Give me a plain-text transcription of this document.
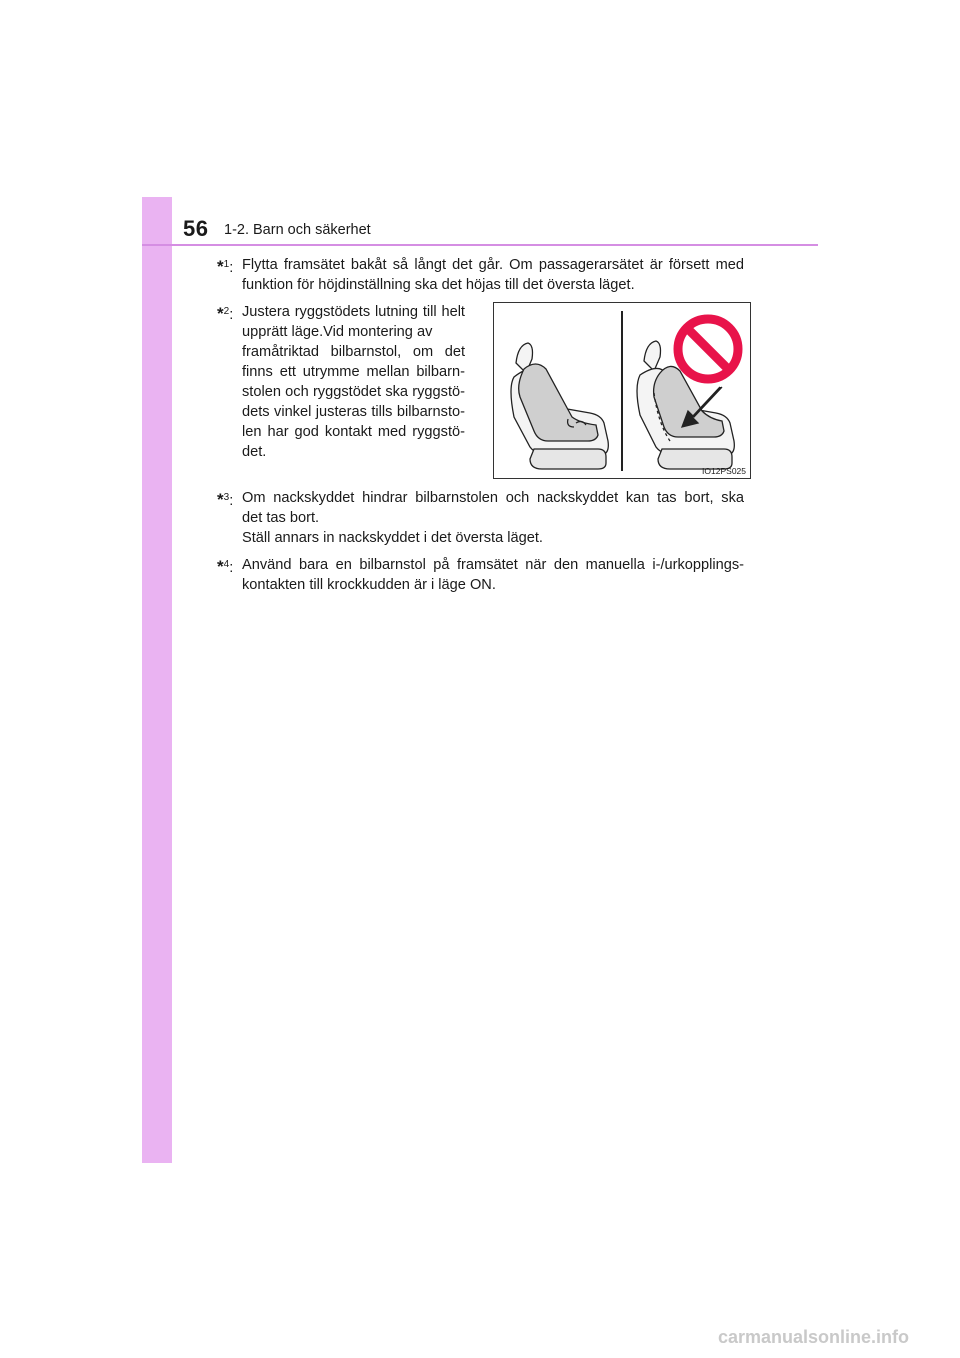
56 1-2. Barn och säkerhet
*$^1$: Flytta framsätet bakåt så långt det går. Om passagerarsätet är försett med
funktion för höjdinställning ska det höjas till det översta läget.
*$^2$: Justera ryggstödets lutning till helt
upprätt läge.Vid montering av
framåtriktad bilbarnstol, om det
finns ett utrymme mellan bilbarn-
stolen och ryggstödet ska ryggstö-
dets vinkel justeras tills bilbarnsto-
len har god kontakt med ryggstö-
det.
IO12PS025
*$^3$: Om nackskyddet hindrar bilbarnstolen och nackskyddet kan tas bort, ska
det tas bort.
Ställ annars in nackskyddet i det översta läget.
*$^4$: Använd bara en bilbarnstol på framsätet när den manuella i-/urkopplings-
kontakten till krockkudden är i läge ON.
carmanualsonline.info
